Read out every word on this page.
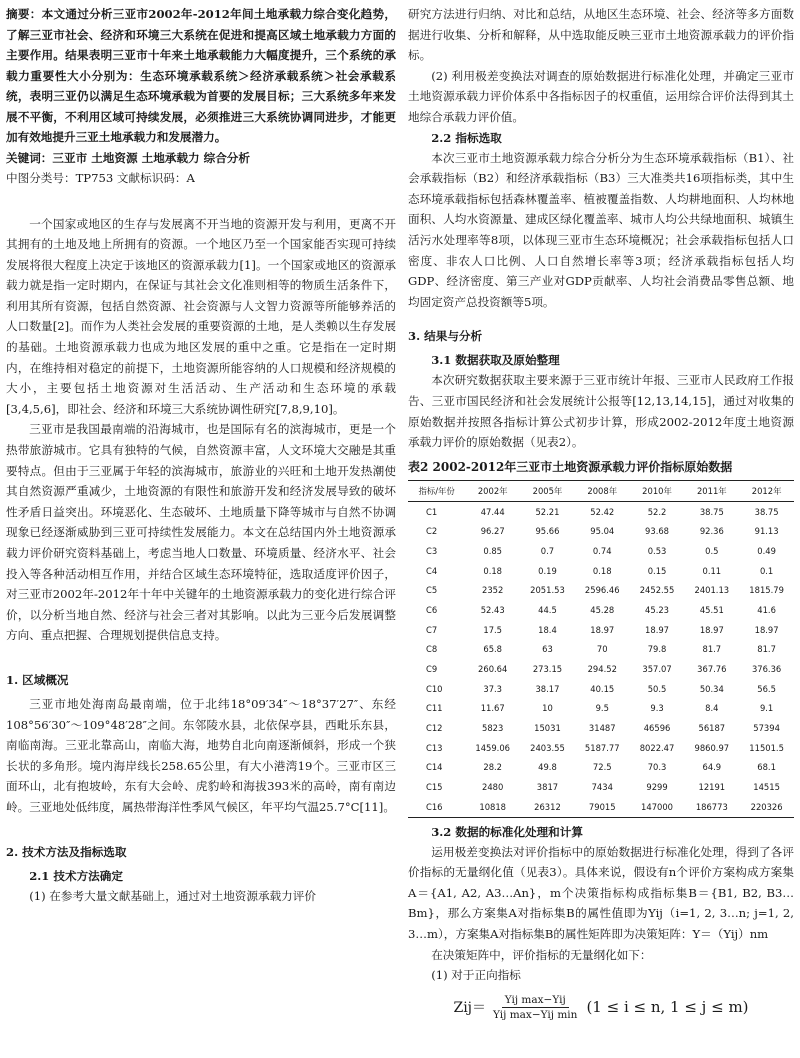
摘要：本文通过分析三亚市2002年-2012年间土地承载力综合变化趋势，了解三亚市社会、经济和环境三大系统在促进和提高区域土地承载力方面的主要作用。结果表明三亚市十年来土地承载能力大幅度提升，三个系统的承载力重要性大小分别为：生态环境承载系统＞经济承载系统＞社会承载系统，表明三亚仍以满足生态环境承载为首要的发展目标；三大系统多年来发展不平衡，不利用区域可持续发展，必须推进三大系统协调同进步，才能更加有效地提升三亚土地承载力和发展潜力。

关键词：三亚市 土地资源 土地承载力 综合分析

中图分类号：TP753 文献标识码：A

一个国家或地区的生存与发展离不开当地的资源开发与利用，更离不开其拥有的土地及地上所拥有的资源。一个地区乃至一个国家能否实现可持续发展将很大程度上决定于该地区的资源承载力[1]。一个国家或地区的资源承载力就是指一定时期内，在保证与其社会文化准则相等的物质生活条件下，利用其所有资源，包括自然资源、社会资源与人文智力资源等所能够养活的人口数量[2]。而作为人类社会发展的重要资源的土地，是人类赖以生存发展的基础。土地资源承载力也成为地区发展的重中之重。它是指在一定时期内，在维持相对稳定的前提下，土地资源所能容纳的人口规模和经济规模的大小，主要包括土地资源对生活活动、生产活动和生态环境的承载[3,4,5,6]，即社会、经济和环境三大系统协调性研究[7,8,9,10]。

三亚市是我国最南端的沿海城市，也是国际有名的滨海城市，更是一个热带旅游城市。它具有独特的气候，自然资源丰富，人文环境大交融是其重要特点。但由于三亚属于年轻的滨海城市，旅游业的兴旺和土地开发热潮使其自然资源严重减少，土地资源的有限性和旅游开发和经济发展导致的破坏性矛盾日益突出。环境恶化、生态破坏、土地质量下降等城市与自然不协调现象已经逐渐威胁到三亚可持续性发展能力。本文在总结国内外土地资源承载力评价研究资料基础上，考虑当地人口数量、环境质量、经济水平、社会投入等各种活动相互作用，并结合区域生态环境特征，选取适度评价因子，对三亚市2002年-2012年十年中关键年的土地资源承载力的变化进行综合评价，以分析当地自然、经济与社会三者对其影响。以此为三亚今后发展调整方向、重点把握、合理规划提供信息支持。

1. 区域概况

三亚市地处海南岛最南端，位于北纬18°09′34″～18°37′27″、东经108°56′30″～109°48′28″之间。东邻陵水县，北依保亭县，西毗乐东县，南临南海。三亚北靠高山，南临大海，地势自北向南逐渐倾斜，形成一个狭长状的多角形。境内海岸线长258.65公里，有大小港湾19个。三亚市区三面环山，北有抱坡岭，东有大会岭、虎豹岭和海拔393米的高岭，南有南边岭。三亚地处低纬度，属热带海洋性季风气候区，年平均气温25.7°C[11]。

2. 技术方法及指标选取

2.1 技术方法确定

(1) 在参考大量文献基础上，通过对土地资源承载力评价

研究方法进行归纳、对比和总结，从地区生态环境、社会、经济等多方面数据进行收集、分析和解释，从中选取能反映三亚市土地资源承载力的评价指标。

(2) 利用极差变换法对调查的原始数据进行标准化处理，并确定三亚市土地资源承载力评价体系中各指标因子的权重值，运用综合评价法得到其土地综合承载力评价值。

2.2 指标选取

本次三亚市土地资源承载力综合分析分为生态环境承载指标（B1）、社会承载指标（B2）和经济承载指标（B3）三大准类共16项指标类，其中生态环境承载指标包括森林覆盖率、植被覆盖指数、人均耕地面积、人均林地面积、人均水资源量、建成区绿化覆盖率、城市人均公共绿地面积、城镇生活污水处理率等8项，以体现三亚市生态环境概况；社会承载指标包括人口密度、非农人口比例、人口自然增长率等3项；经济承载指标包括人均GDP、经济密度、第三产业对GDP贡献率、人均社会消费品零售总额、地均固定资产总投资额等5项。

3. 结果与分析

3.1 数据获取及原始整理

本次研究数据获取主要来源于三亚市统计年报、三亚市人民政府工作报告、三亚市国民经济和社会发展统计公报等[12,13,14,15]，通过对收集的原始数据并按照各指标计算公式初步计算，形成2002-2012年度土地资源承载力评价的原始数据（见表2）。

表2 2002-2012年三亚市土地资源承载力评价指标原始数据

指标/年份	2002年	2005年	2008年	2010年	2011年	2012年
C1	47.44	52.21	52.42	52.2	38.75	38.75
C2	96.27	95.66	95.04	93.68	92.36	91.13
C3	0.85	0.7	0.74	0.53	0.5	0.49
C4	0.18	0.19	0.18	0.15	0.11	0.1
C5	2352	2051.53	2596.46	2452.55	2401.13	1815.79
C6	52.43	44.5	45.28	45.23	45.51	41.6
C7	17.5	18.4	18.97	18.97	18.97	18.97
C8	65.8	63	70	79.8	81.7	81.7
C9	260.64	273.15	294.52	357.07	367.76	376.36
C10	37.3	38.17	40.15	50.5	50.34	56.5
C11	11.67	10	9.5	9.3	8.4	9.1
C12	5823	15031	31487	46596	56187	57394
C13	1459.06	2403.55	5187.77	8022.47	9860.97	11501.5
C14	28.2	49.8	72.5	70.3	64.9	68.1
C15	2480	3817	7434	9299	12191	14515
C16	10818	26312	79015	147000	186773	220326

3.2 数据的标准化处理和计算

运用极差变换法对评价指标中的原始数据进行标准化处理，得到了各评价指标的无量纲化值（见表3）。具体来说，假设有n个评价方案构成方案集A＝{A1, A2, A3…An}，m个决策指标构成指标集B＝{B1, B2, B3…Bm}，那么方案集A对指标集B的属性值即为Yij（i=1, 2, 3…n; j=1, 2, 3…m），方案集A对指标集B的属性矩阵即为决策矩阵：Y＝（Yij）nm

在决策矩阵中，评价指标的无量纲化如下：

(1) 对于正向指标

$Zij= \frac{\text{Yij max−Yij}}{\text{Yij max−Yij min}} (1 \le i \le n$, 1 ≤ j ≤ m)
